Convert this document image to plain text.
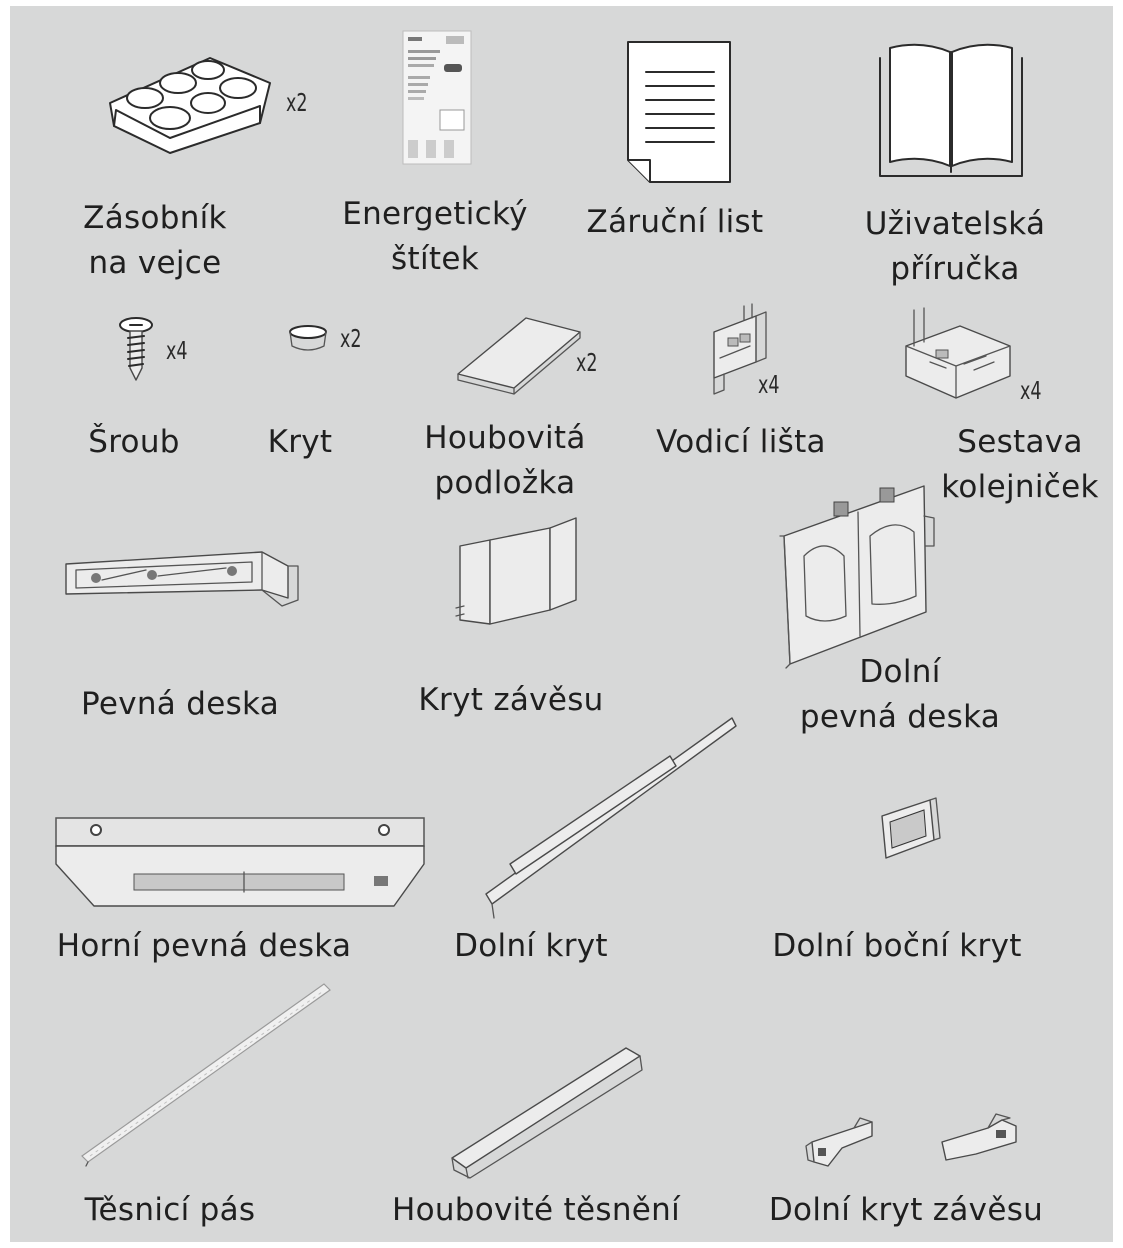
x2
Zásobník
na vejce
Energetický
štítek
Záruční list	Uživatelská
příručka
x4
Šroub
x2
Kryt
x2
Houbovitá
podložka
x4
Vodicí lišta
x4
Sestava
kolejniček
Pevná deska	Kryt závěsu
Dolní
pevná deska
Horní pevná deska	Dolní kryt	Dolní boční kryt
Těsnicí pás	Houbovité těsnění	Dolní kryt závěsu
